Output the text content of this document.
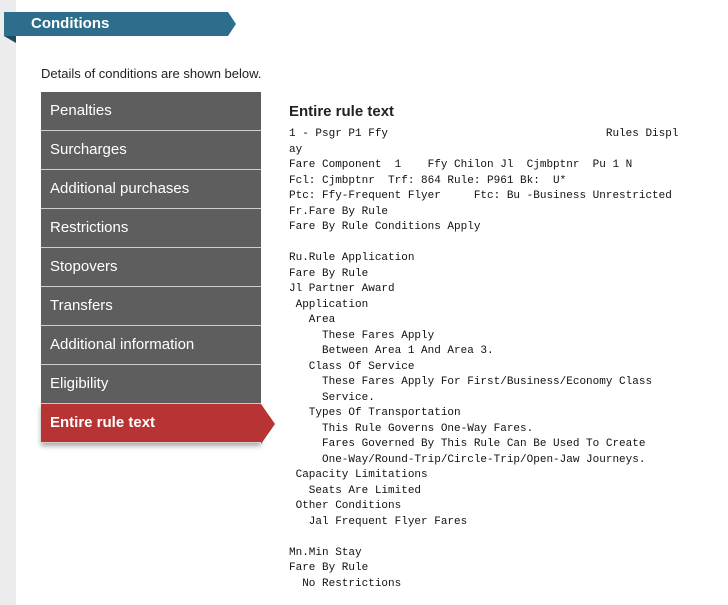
Conditions
Details of conditions are shown below.
Penalties
Surcharges
Additional purchases
Restrictions
Stopovers
Transfers
Additional information
Eligibility
Entire rule text
Entire rule text
1 - Psgr P1 Ffy                                 Rules Displ
ay
Fare Component  1    Ffy Chilon Jl  Cjmbptnr  Pu 1 N
Fcl: Cjmbptnr  Trf: 864 Rule: P961 Bk:  U*
Ptc: Ffy-Frequent Flyer     Ftc: Bu -Business Unrestricted
Fr.Fare By Rule
Fare By Rule Conditions Apply
Ru.Rule Application
Fare By Rule
Jl Partner Award
Application
Area
These Fares Apply
Between Area 1 And Area 3.
Class Of Service
These Fares Apply For First/Business/Economy Class
Service.
Types Of Transportation
This Rule Governs One-Way Fares.
Fares Governed By This Rule Can Be Used To Create
One-Way/Round-Trip/Circle-Trip/Open-Jaw Journeys.
Capacity Limitations
Seats Are Limited
Other Conditions
Jal Frequent Flyer Fares
Mn.Min Stay
Fare By Rule
No Restrictions
